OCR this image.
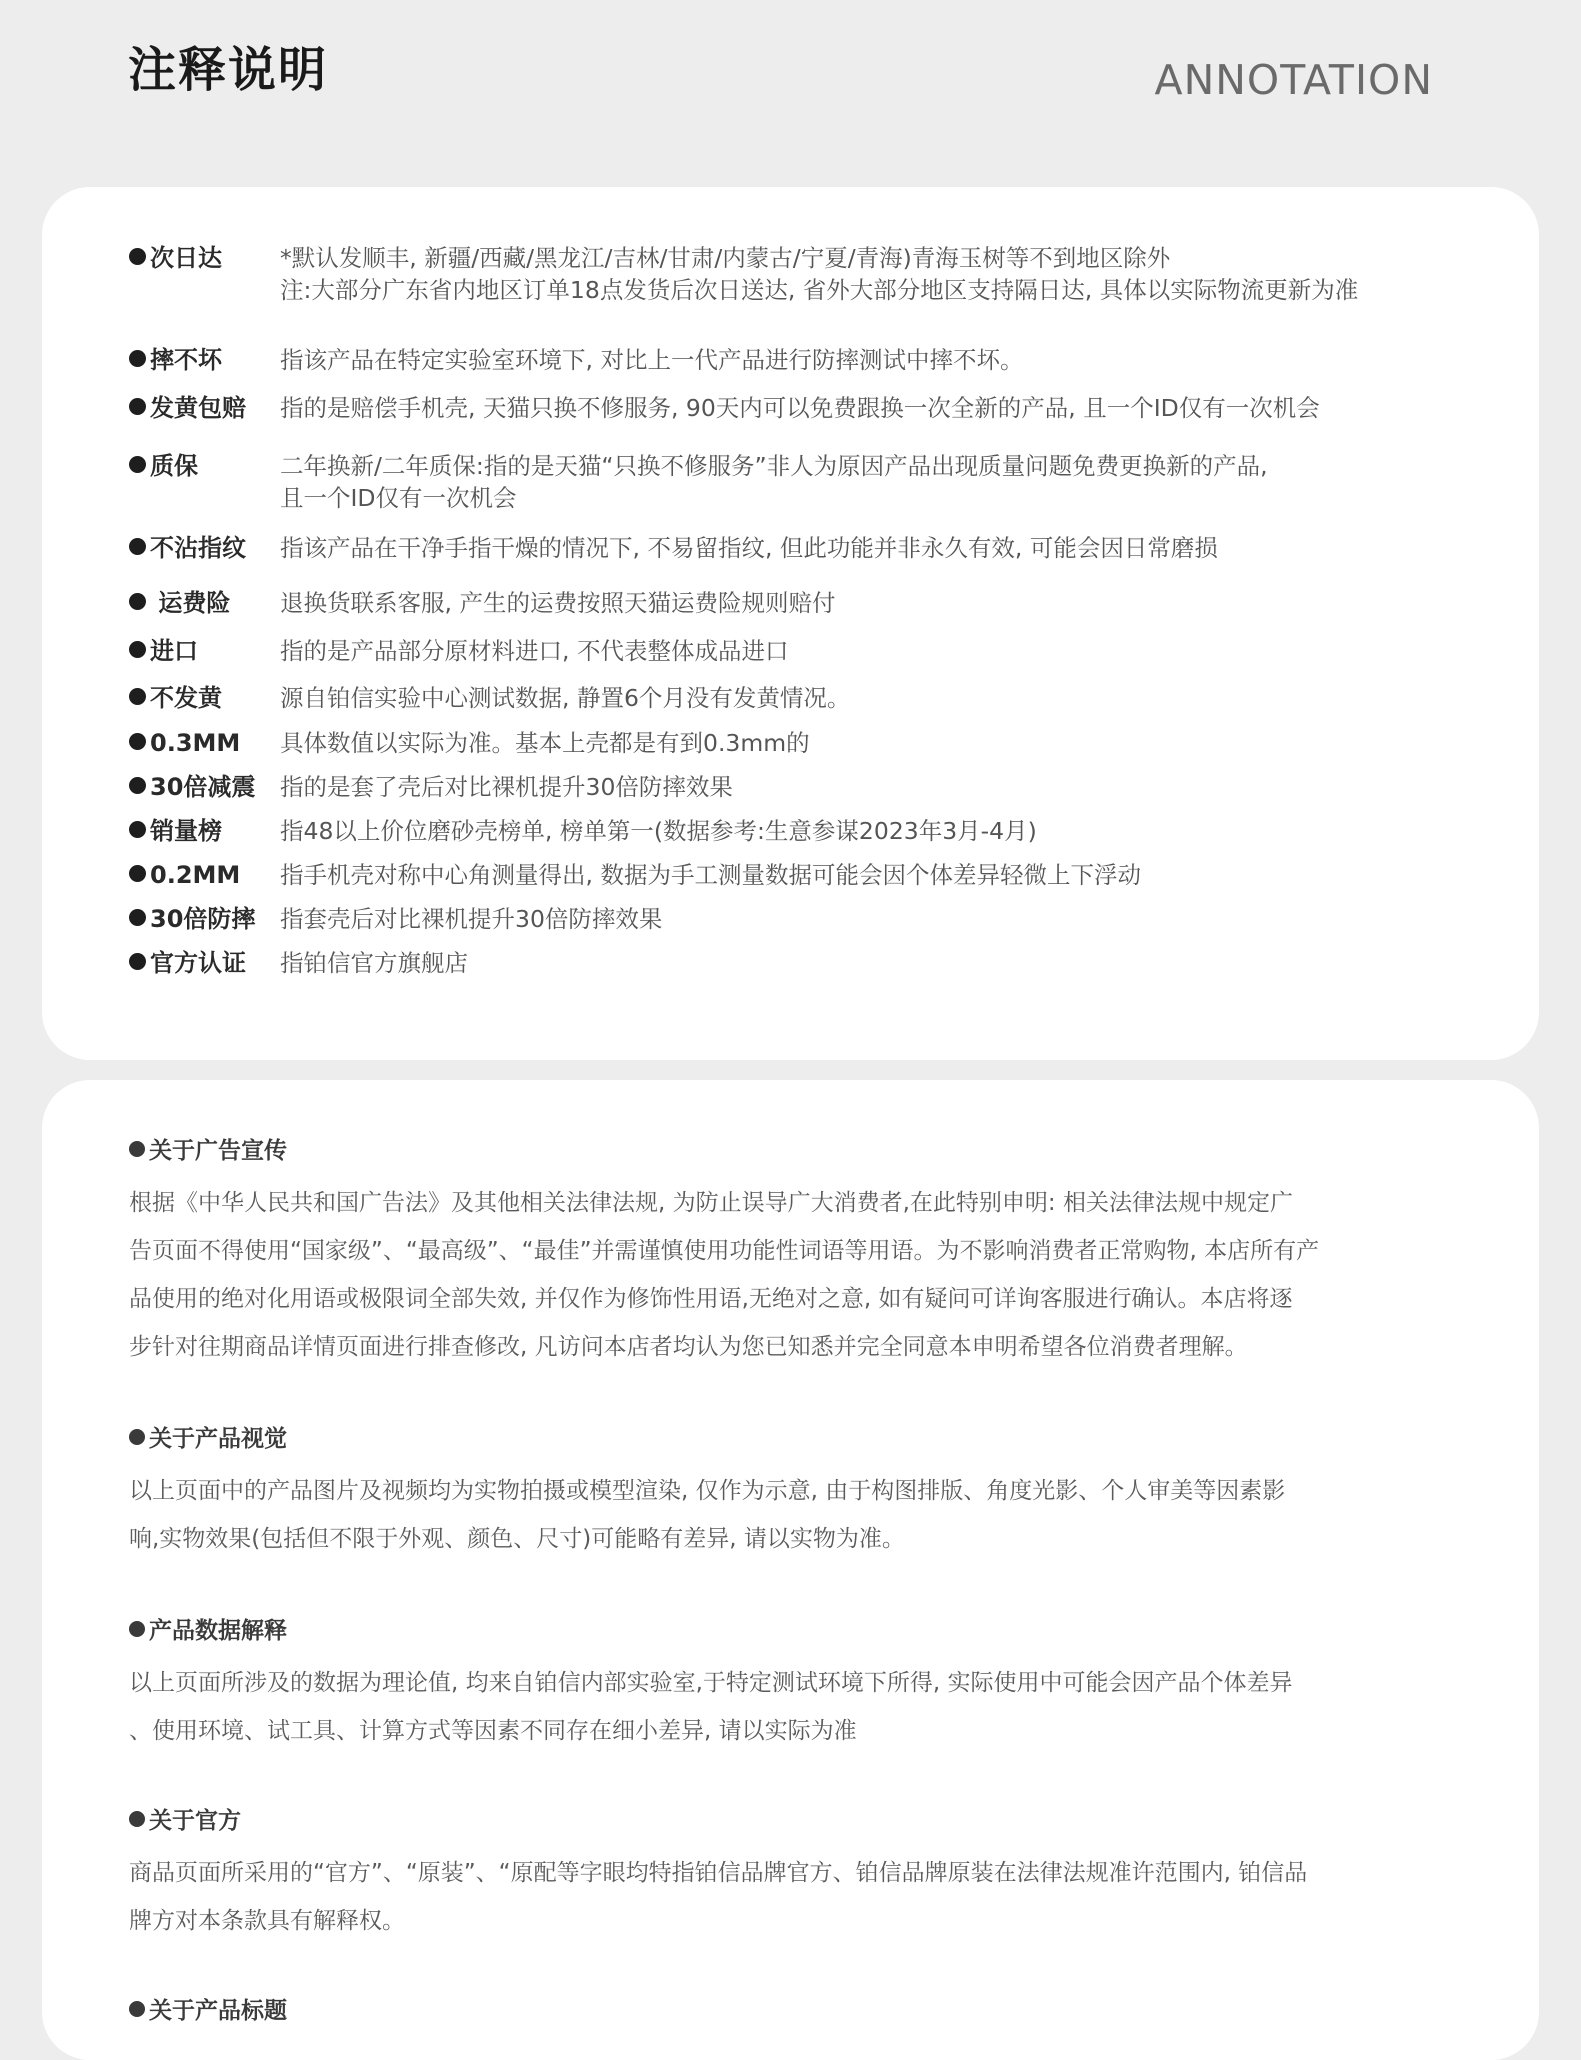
注释说明	ANNOTATION
次日达 *默认发顺丰, 新疆/西藏/黑龙江/吉林/甘肃/内蒙古/宁夏/青海)青海玉树等不到地区除外
注:大部分广东省内地区订单18点发货后次日送达, 省外大部分地区支持隔日达, 具体以实际物流更新为准
摔不坏 指该产品在特定实验室环境下, 对比上一代产品进行防摔测试中摔不坏。
发黄包赔 指的是赔偿手机壳, 天猫只换不修服务, 90天内可以免费跟换一次全新的产品, 且一个ID仅有一次机会
质保	二年换新/二年质保:指的是天猫“只换不修服务”非人为原因产品出现质量问题免费更换新的产品,
且一个ID仅有一次机会
不沾指纹 指该产品在干净手指干燥的情况下, 不易留指纹, 但此功能并非永久有效, 可能会因日常磨损
运费险 退换货联系客服, 产生的运费按照天猫运费险规则赔付
进口	指的是产品部分原材料进口, 不代表整体成品进口
不发黄 源自铂信实验中心测试数据, 静置6个月没有发黄情况。
0.3MM 具体数值以实际为准。基本上壳都是有到0.3mm的
30倍减震 指的是套了壳后对比裸机提升30倍防摔效果
销量榜 指48以上价位磨砂壳榜单, 榜单第一(数据参考:生意参谋2023年3月-4月)
0.2MM 指手机壳对称中心角测量得出, 数据为手工测量数据可能会因个体差异轻微上下浮动
30倍防摔 指套壳后对比裸机提升30倍防摔效果
官方认证 指铂信官方旗舰店

关于广告宣传

根据《中华人民共和国广告法》及其他相关法律法规, 为防止误导广大消费者,在此特别申明: 相关法律法规中规定广
告页面不得使用“国家级”、“最高级”、“最佳”并需谨慎使用功能性词语等用语。为不影响消费者正常购物, 本店所有产
品使用的绝对化用语或极限词全部失效, 并仅作为修饰性用语,无绝对之意, 如有疑问可详询客服进行确认。本店将逐
步针对往期商品详情页面进行排查修改, 凡访问本店者均认为您已知悉并完全同意本申明希望各位消费者理解。

关于产品视觉

以上页面中的产品图片及视频均为实物拍摄或模型渲染, 仅作为示意, 由于构图排版、角度光影、个人审美等因素影
响,实物效果(包括但不限于外观、颜色、尺寸)可能略有差异, 请以实物为准。

产品数据解释

以上页面所涉及的数据为理论值, 均来自铂信内部实验室,于特定测试环境下所得, 实际使用中可能会因产品个体差异
、使用环境、试工具、计算方式等因素不同存在细小差异, 请以实际为准

关于官方

商品页面所采用的“官方”、“原装”、“原配等字眼均特指铂信品牌官方、铂信品牌原装在法律法规准许范围内, 铂信品
牌方对本条款具有解释权。

关于产品标题
